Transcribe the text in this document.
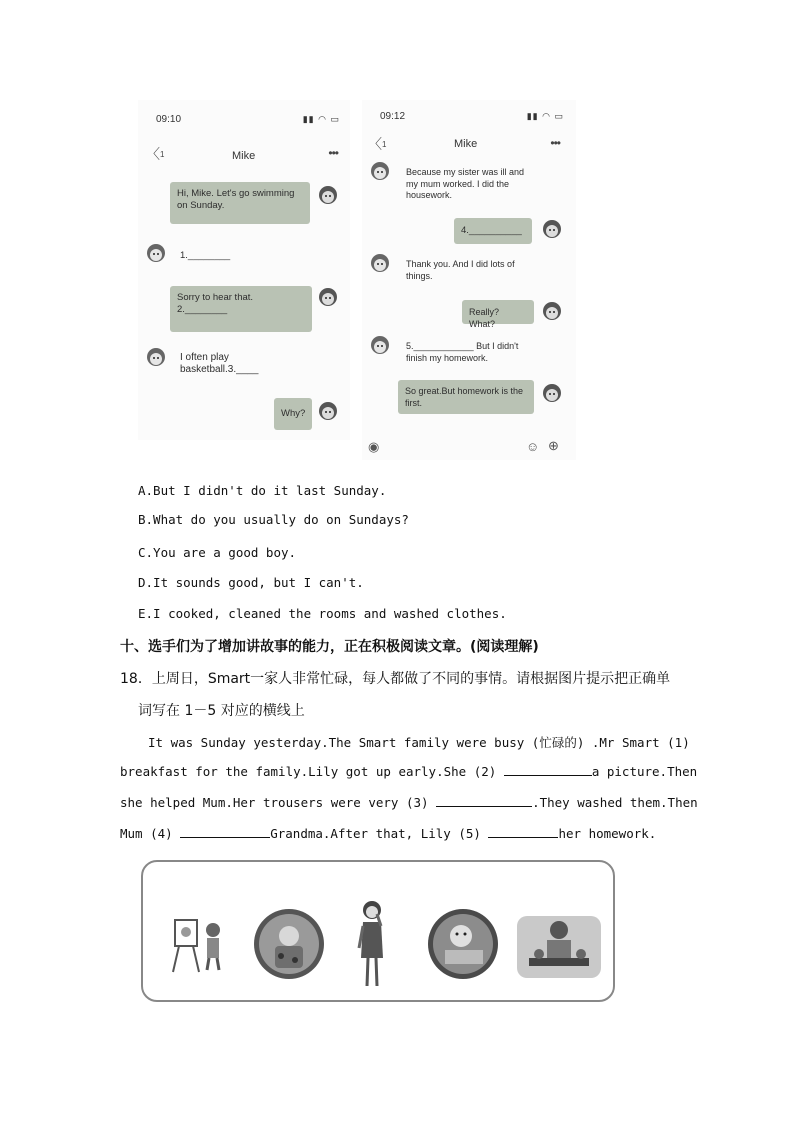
09:10	▮▮ ◠ ▭
〈 1	Mike	•••
Hi, Mike. Let's go swimming on Sunday.
1.________
Sorry to hear that. 2.________
I often play basketball.3.____
Why?
09:12	▮▮ ◠ ▭
〈 1	Mike	•••
Because my sister was ill and my mum worked. I did the housework.
4.__________
Thank you. And I did lots of things.
Really? What?
5.____________ But I didn't finish my homework.
So great.But homework is the first.
◉	☺ ⊕
A.But I didn't do it last Sunday.
B.What do you usually do on Sundays?
C.You are a good boy.
D.It sounds good, but I can't.
E.I cooked, cleaned the rooms and washed clothes.
十、选手们为了增加讲故事的能力，正在积极阅读文章。(阅读理解)
18．上周日，Smart一家人非常忙碌，每人都做了不同的事情。请根据图片提示把正确单
词写在 1－5 对应的横线上
It was Sunday yesterday.The Smart family were busy (忙碌的) .Mr Smart (1)
breakfast for the family.Lily got up early.She (2)	a picture.Then
she helped Mum.Her trousers were very (3)	.They washed them.Then
Mum (4)	Grandma.After that, Lily (5)	her homework.
